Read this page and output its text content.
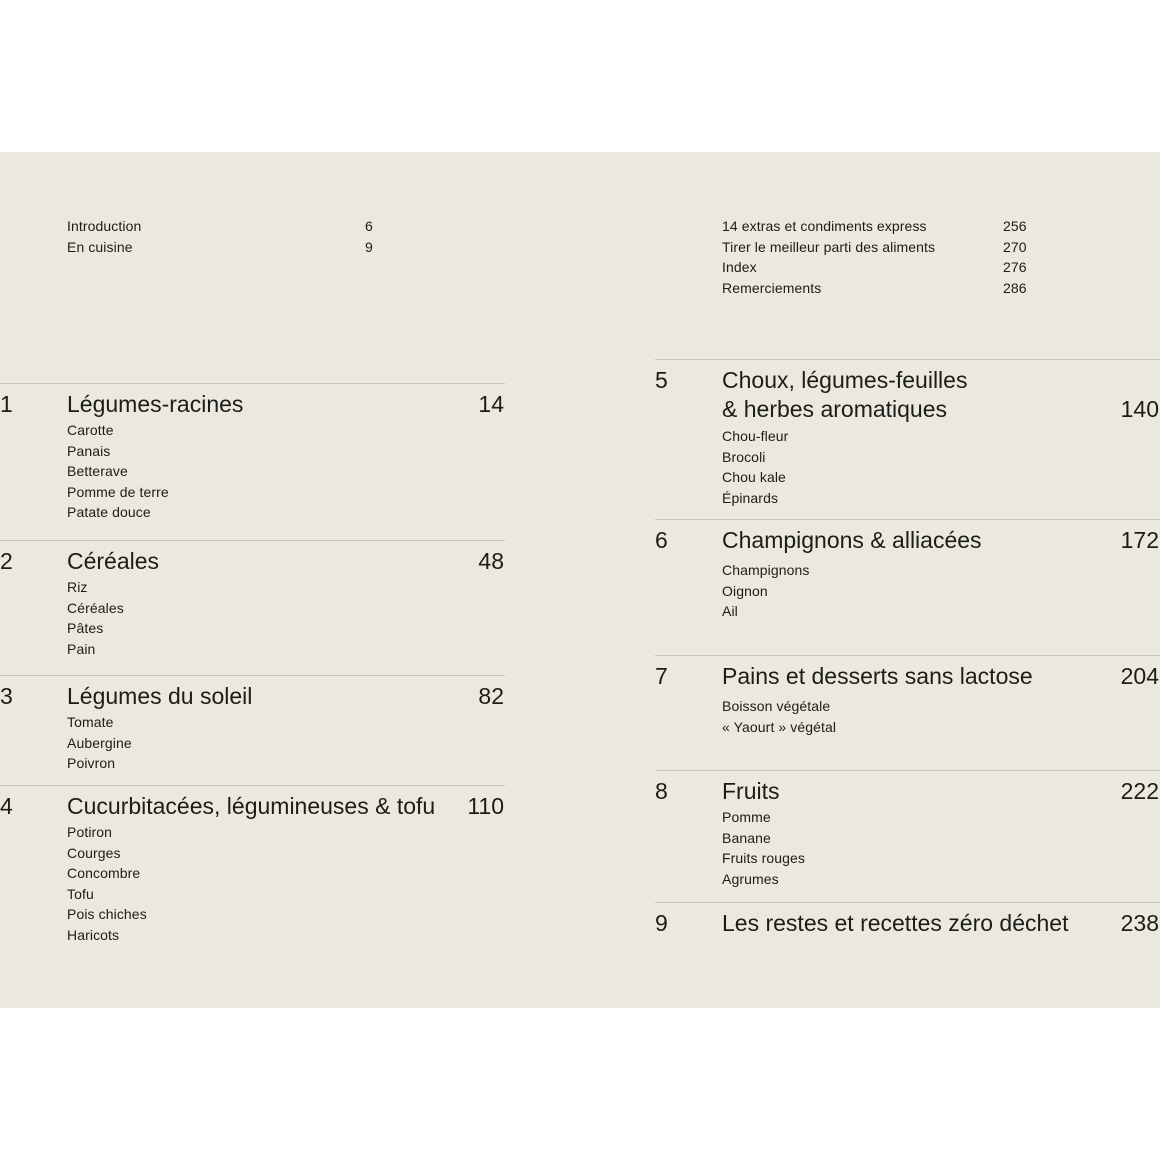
Introduction	6
En cuisine	9
14 extras et condiments express	256
Tirer le meilleur parti des aliments	270
Index	276
Remerciements	286
1 Légumes-racines	14
Carotte
Panais
Betterave
Pomme de terre
Patate douce
2 Céréales	48
Riz
Céréales
Pâtes
Pain
3 Légumes du soleil	82
Tomate
Aubergine
Poivron
4 Cucurbitacées, légumineuses & tofu 110
Potiron
Courges
Concombre
Tofu
Pois chiches
Haricots
5 Choux, légumes-feuilles
& herbes aromatiques	140
Chou-fleur
Brocoli
Chou kale
Épinards
6 Champignons & alliacées	172
Champignons
Oignon
Ail
7 Pains et desserts sans lactose	204
Boisson végétale
« Yaourt » végétal
8 Fruits	222
Pomme
Banane
Fruits rouges
Agrumes
9 Les restes et recettes zéro déchet 238
